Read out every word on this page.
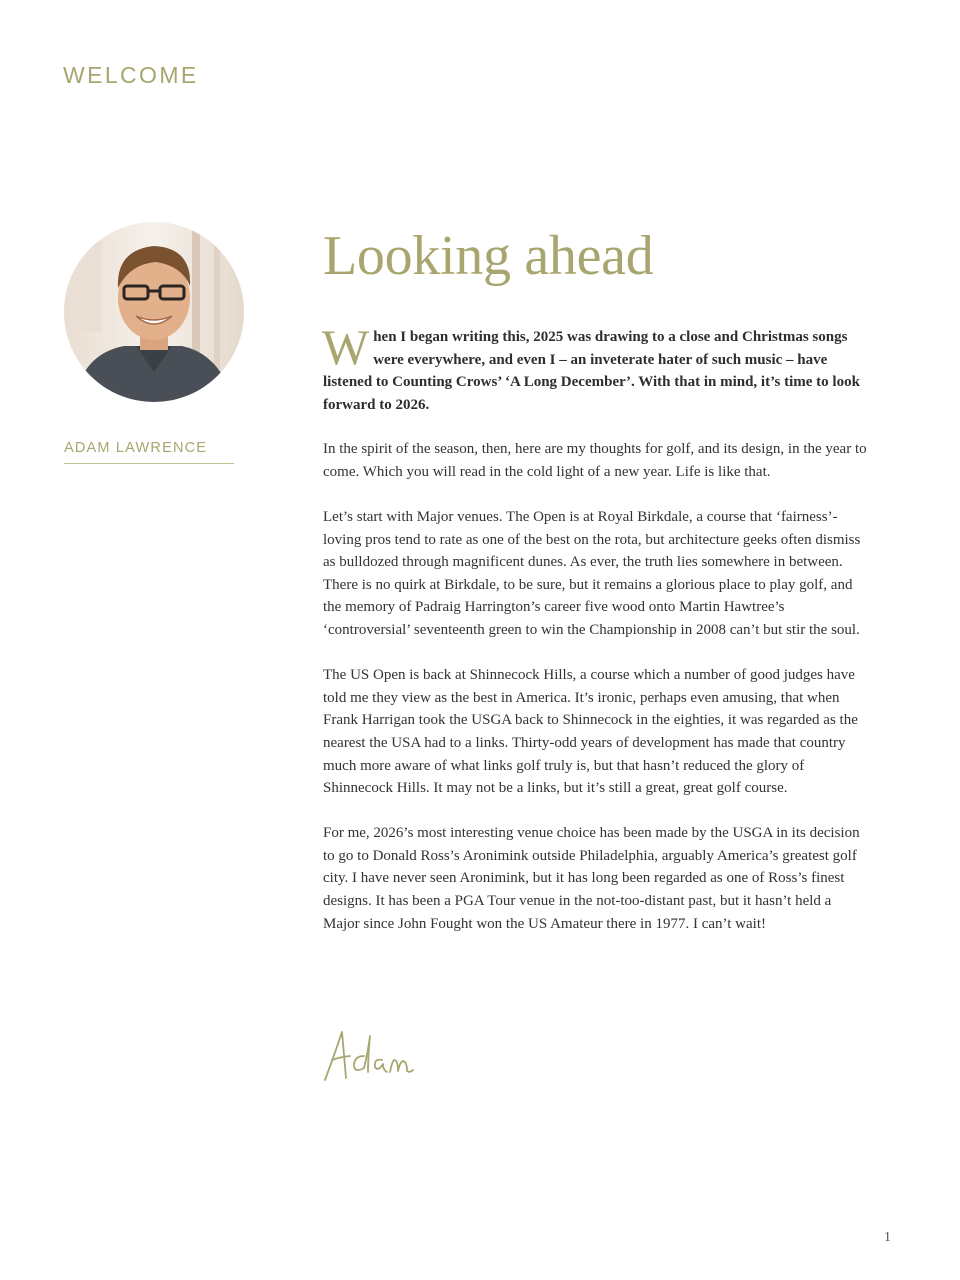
WELCOME
ADAM LAWRENCE
Looking ahead

When I began writing this, 2025 was drawing to a close and Christmas songs were everywhere, and even I – an inveterate hater of such music – have listened to Counting Crows’ ‘A Long December’. With that in mind, it’s time to look forward to 2026.

In the spirit of the season, then, here are my thoughts for golf, and its design, in the year to come. Which you will read in the cold light of a new year. Life is like that.

Let’s start with Major venues. The Open is at Royal Birkdale, a course that ‘fairness’-loving pros tend to rate as one of the best on the rota, but architecture geeks often dismiss as bulldozed through magnificent dunes. As ever, the truth lies somewhere in between. There is no quirk at Birkdale, to be sure, but it remains a glorious place to play golf, and the memory of Padraig Harrington’s career five wood onto Martin Hawtree’s ‘controversial’ seventeenth green to win the Championship in 2008 can’t but stir the soul.

The US Open is back at Shinnecock Hills, a course which a number of good judges have told me they view as the best in America. It’s ironic, perhaps even amusing, that when Frank Harrigan took the USGA back to Shinnecock in the eighties, it was regarded as the nearest the USA had to a links. Thirty-odd years of development has made that country much more aware of what links golf truly is, but that hasn’t reduced the glory of Shinnecock Hills. It may not be a links, but it’s still a great, great golf course.

For me, 2026’s most interesting venue choice has been made by the USGA in its decision to go to Donald Ross’s Aronimink outside Philadelphia, arguably America’s greatest golf city. I have never seen Aronimink, but it has long been regarded as one of Ross’s finest designs. It has been a PGA Tour venue in the not-too-distant past, but it hasn’t held a Major since John Fought won the US Amateur there in 1977. I can’t wait!

1
